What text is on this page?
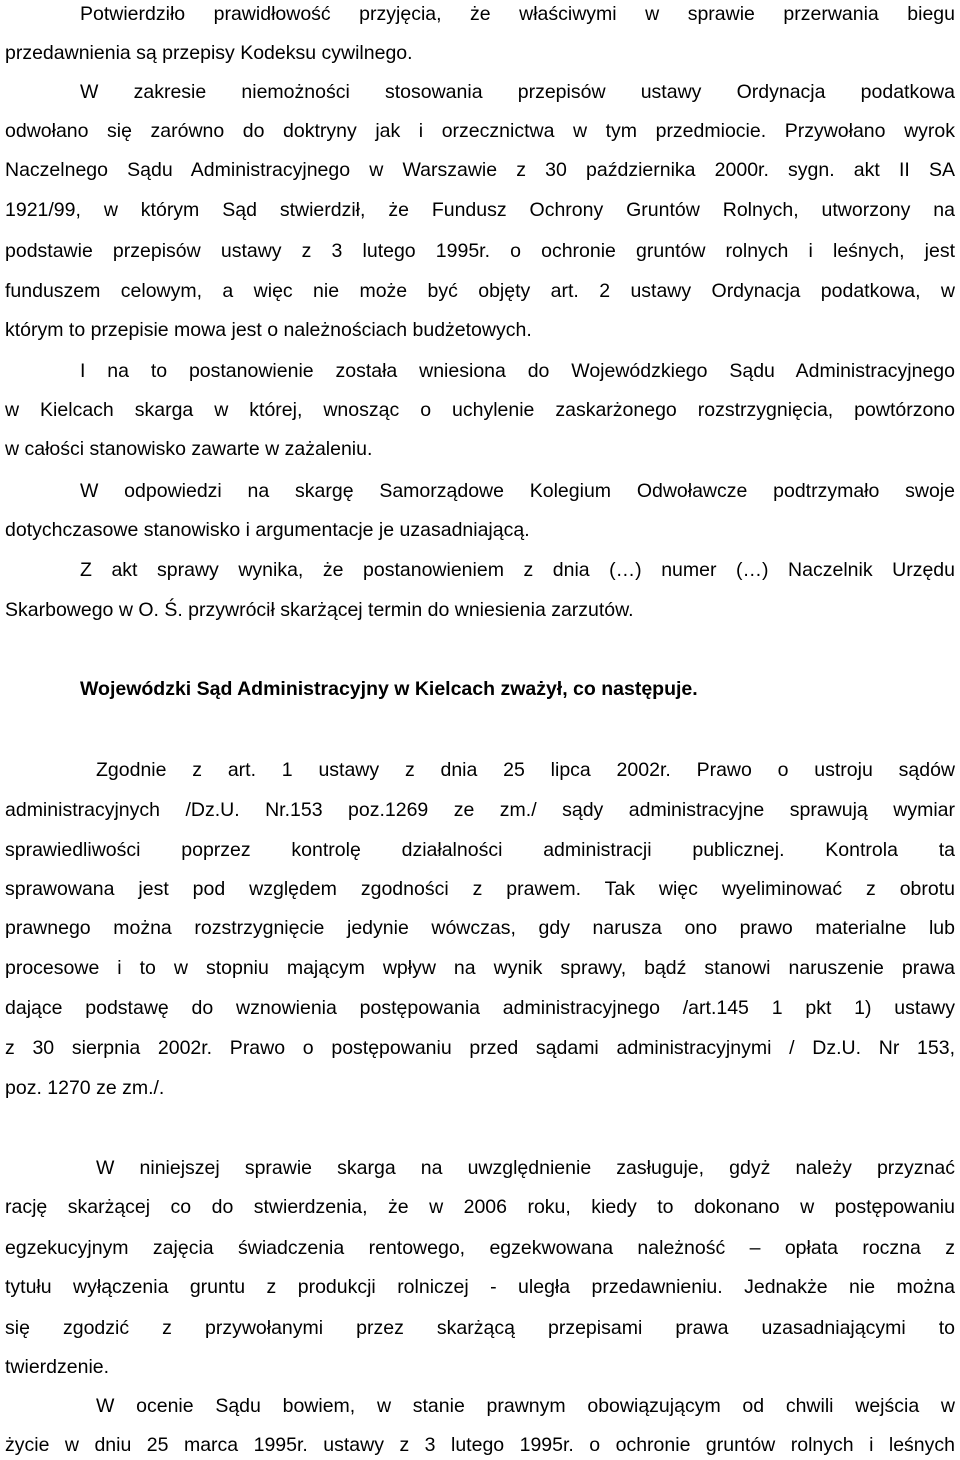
Potwierdziło prawidłowość przyjęcia, że właściwymi w sprawie przerwania biegu
przedawnienia są przepisy Kodeksu cywilnego.
W zakresie niemożności stosowania przepisów ustawy Ordynacja podatkowa
odwołano się zarówno do doktryny jak i orzecznictwa w tym przedmiocie. Przywołano wyrok
Naczelnego Sądu Administracyjnego w Warszawie z 30 października 2000r. sygn. akt II SA
1921/99, w którym Sąd stwierdził, że Fundusz Ochrony Gruntów Rolnych, utworzony na
podstawie przepisów ustawy z 3 lutego 1995r. o ochronie gruntów rolnych i leśnych, jest
funduszem celowym, a więc nie może być objęty art. 2 ustawy Ordynacja podatkowa, w
którym to przepisie mowa jest o należnościach budżetowych.
I na to postanowienie została wniesiona do Wojewódzkiego Sądu Administracyjnego
w Kielcach skarga w której, wnosząc o uchylenie zaskarżonego rozstrzygnięcia, powtórzono
w całości stanowisko zawarte w zażaleniu.
W odpowiedzi na skargę Samorządowe Kolegium Odwoławcze podtrzymało swoje
dotychczasowe stanowisko i argumentacje je uzasadniającą.
Z akt sprawy wynika, że postanowieniem z dnia (…) numer (…) Naczelnik Urzędu
Skarbowego w O. Ś. przywrócił skarżącej termin do wniesienia zarzutów.
Wojewódzki Sąd Administracyjny w Kielcach zważył, co następuje.
Zgodnie z art. 1 ustawy z dnia 25 lipca 2002r. Prawo o ustroju sądów
administracyjnych /Dz.U. Nr.153 poz.1269 ze zm./ sądy administracyjne sprawują wymiar
sprawiedliwości poprzez kontrolę działalności administracji publicznej. Kontrola ta
sprawowana jest pod względem zgodności z prawem. Tak więc wyeliminować z obrotu
prawnego można rozstrzygnięcie jedynie wówczas, gdy narusza ono prawo materialne lub
procesowe i to w stopniu mającym wpływ na wynik sprawy, bądź stanowi naruszenie prawa
dające podstawę do wznowienia postępowania administracyjnego /art.145 1 pkt 1) ustawy
z 30 sierpnia 2002r. Prawo o postępowaniu przed sądami administracyjnymi / Dz.U. Nr 153,
poz. 1270 ze zm./.
W niniejszej sprawie skarga na uwzględnienie zasługuje, gdyż należy przyznać
rację skarżącej co do stwierdzenia, że w 2006 roku, kiedy to dokonano w postępowaniu
egzekucyjnym zajęcia świadczenia rentowego, egzekwowana należność – opłata roczna z
tytułu wyłączenia gruntu z produkcji rolniczej - uległa przedawnieniu. Jednakże nie można
się zgodzić z przywołanymi przez skarżącą przepisami prawa uzasadniającymi to
twierdzenie.
W ocenie Sądu bowiem, w stanie prawnym obowiązującym od chwili wejścia w
życie w dniu 25 marca 1995r. ustawy z 3 lutego 1995r. o ochronie gruntów rolnych i leśnych
